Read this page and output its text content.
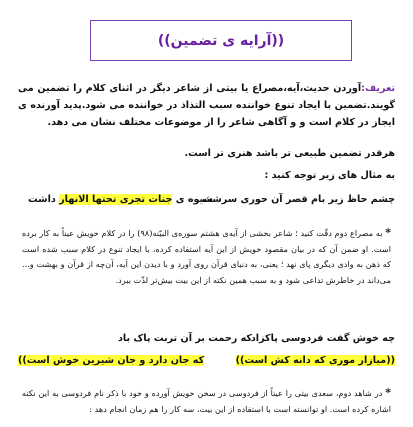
((آرایه ی تضمین))
تعریف:آوردن حدیث،آیه،مصراع یا بیتی از شاعر دیگر در اثنای کلام را تضمین می گویند.تضمین با ایجاد تنوع خواننده سبب التذاذ در خواننده می شود.پدید آورنده ی ایجاز در کلام است و و آگاهی شاعر را از موضوعات مختلف نشان می دهد.
هرقدر تضمین طبیعی تر باشد هنری تر است.
به مثال های زیر توجه کنید :
چشم حاظ زیر بام قصر آن حوری سرشت
شیوه ی جنات تجری تحتها الانهار داشت
* به مصراع دوم دقّت کنید ؛ شاعر بخشی از آیه‌ی هشتم سوره‌ی البیّنه(۹۸) را در کلام خویش عیناً به کار برده است. او ضمن آن که در بیان مقصود خویش از این آیه استفاده کرده، با ایجاد تنوع در کلام سبب شده است که ذهن به وادی دیگری پای نهد ؛ یعنی، به دنیای قرآن روی آورد و با دیدن این آیه، آن‌چه از قرآن و بهشت و... می‌داند در خاطرش تداعی شود و به سبب همین نکته از این بیت بیش‌تر لذّت ببرد.
چه خوش گفت فردوسی پاکزاد
که رحمت بر آن تربت پاک باد
((میازار موری که دانه کش است))
که جان دارد و جان شیرین خوش است))
* در شاهد دوم، سعدی بیتی را عیناً از فردوسی در سخن خویش آورده و خود با ذکر نام فردوسی به این نکته اشاره کرده است. او توانسته است با استفاده از این بیت، سه کار را هم زمان انجام دهد :
